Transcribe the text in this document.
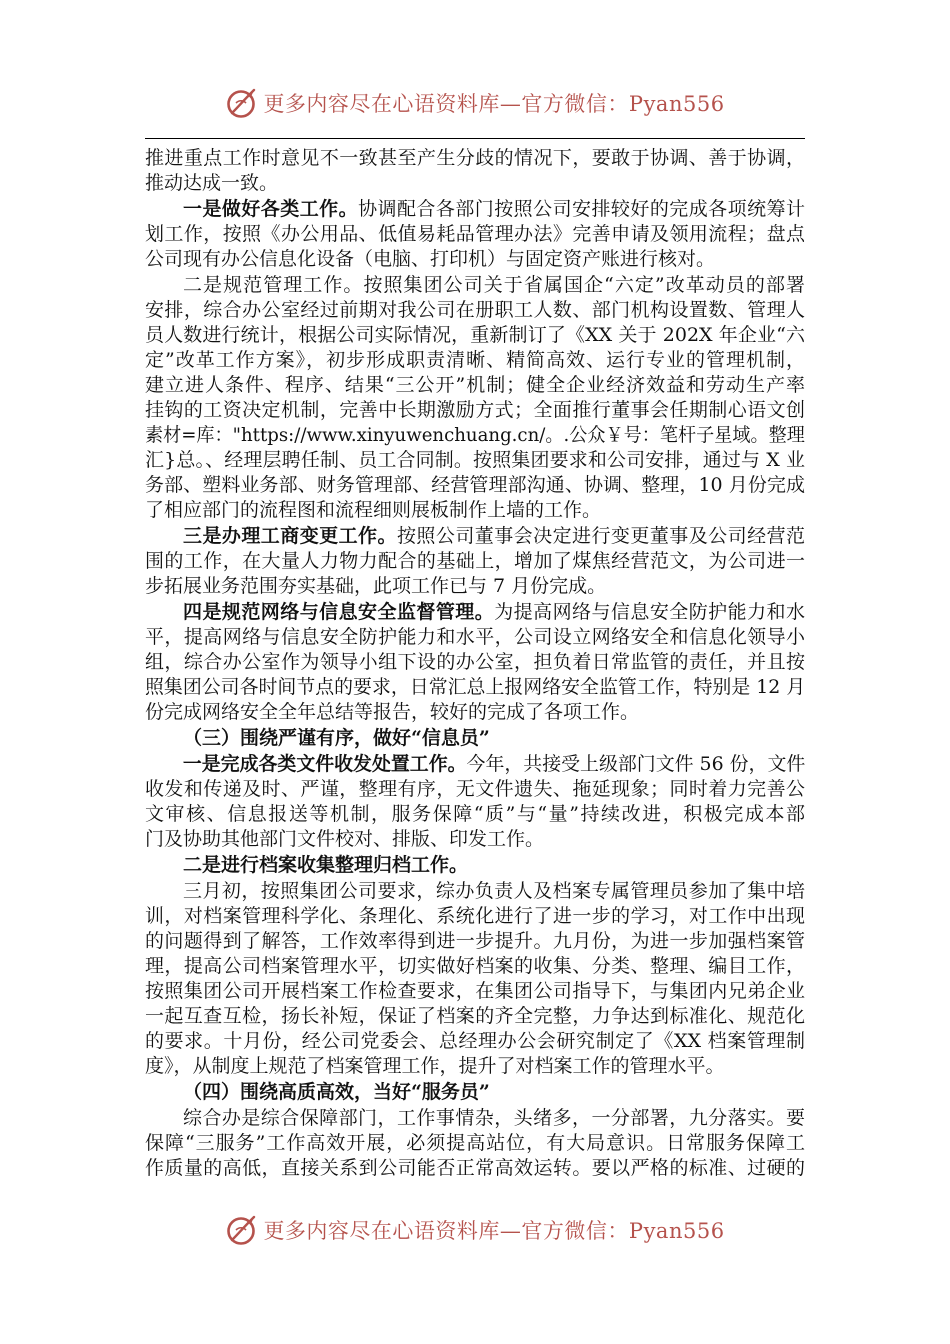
更多内容尽在心语资料库—官方微信：Pyan556
推进重点工作时意见不一致甚至产生分歧的情况下，要敢于协调、善于协调，
推动达成一致。
一是做好各类工作。协调配合各部门按照公司安排较好的完成各项统筹计
划工作，按照《办公用品、低值易耗品管理办法》完善申请及领用流程；盘点
公司现有办公信息化设备（电脑、打印机）与固定资产账进行核对。
二是规范管理工作。按照集团公司关于省属国企“六定”改革动员的部署
安排，综合办公室经过前期对我公司在册职工人数、部门机构设置数、管理人
员人数进行统计，根据公司实际情况，重新制订了《XX 关于 202X 年企业“六
定”改革工作方案》，初步形成职责清晰、精简高效、运行专业的管理机制，
建立进人条件、程序、结果“三公开”机制；健全企业经济效益和劳动生产率
挂钩的工资决定机制，完善中长期激励方式；全面推行董事会任期制心语文创
素材=库："https://www.xinyuwenchuang.cn/。.公众￥号：笔杆子星域。整理
汇}总。、经理层聘任制、员工合同制。按照集团要求和公司安排，通过与 X 业
务部、塑料业务部、财务管理部、经营管理部沟通、协调、整理，10 月份完成
了相应部门的流程图和流程细则展板制作上墙的工作。
三是办理工商变更工作。按照公司董事会决定进行变更董事及公司经营范
围的工作，在大量人力物力配合的基础上，增加了煤焦经营范文，为公司进一
步拓展业务范围夯实基础，此项工作已与 7 月份完成。
四是规范网络与信息安全监督管理。为提高网络与信息安全防护能力和水
平，提高网络与信息安全防护能力和水平，公司设立网络安全和信息化领导小
组，综合办公室作为领导小组下设的办公室，担负着日常监管的责任，并且按
照集团公司各时间节点的要求，日常汇总上报网络安全监管工作，特别是 12 月
份完成网络安全全年总结等报告，较好的完成了各项工作。
（三）围绕严谨有序，做好“信息员”
一是完成各类文件收发处置工作。今年，共接受上级部门文件 56 份，文件
收发和传递及时、严谨，整理有序，无文件遗失、拖延现象；同时着力完善公
文审核、信息报送等机制，服务保障“质”与“量”持续改进，积极完成本部
门及协助其他部门文件校对、排版、印发工作。
二是进行档案收集整理归档工作。
三月初，按照集团公司要求，综办负责人及档案专属管理员参加了集中培
训，对档案管理科学化、条理化、系统化进行了进一步的学习，对工作中出现
的问题得到了解答，工作效率得到进一步提升。九月份，为进一步加强档案管
理，提高公司档案管理水平，切实做好档案的收集、分类、整理、编目工作，
按照集团公司开展档案工作检查要求，在集团公司指导下，与集团内兄弟企业
一起互查互检，扬长补短，保证了档案的齐全完整，力争达到标准化、规范化
的要求。十月份，经公司党委会、总经理办公会研究制定了《XX 档案管理制
度》，从制度上规范了档案管理工作，提升了对档案工作的管理水平。
（四）围绕高质高效，当好“服务员”
综合办是综合保障部门，工作事情杂，头绪多，一分部署，九分落实。要
保障“三服务”工作高效开展，必须提高站位，有大局意识。日常服务保障工
作质量的高低，直接关系到公司能否正常高效运转。要以严格的标准、过硬的
更多内容尽在心语资料库—官方微信：Pyan556
